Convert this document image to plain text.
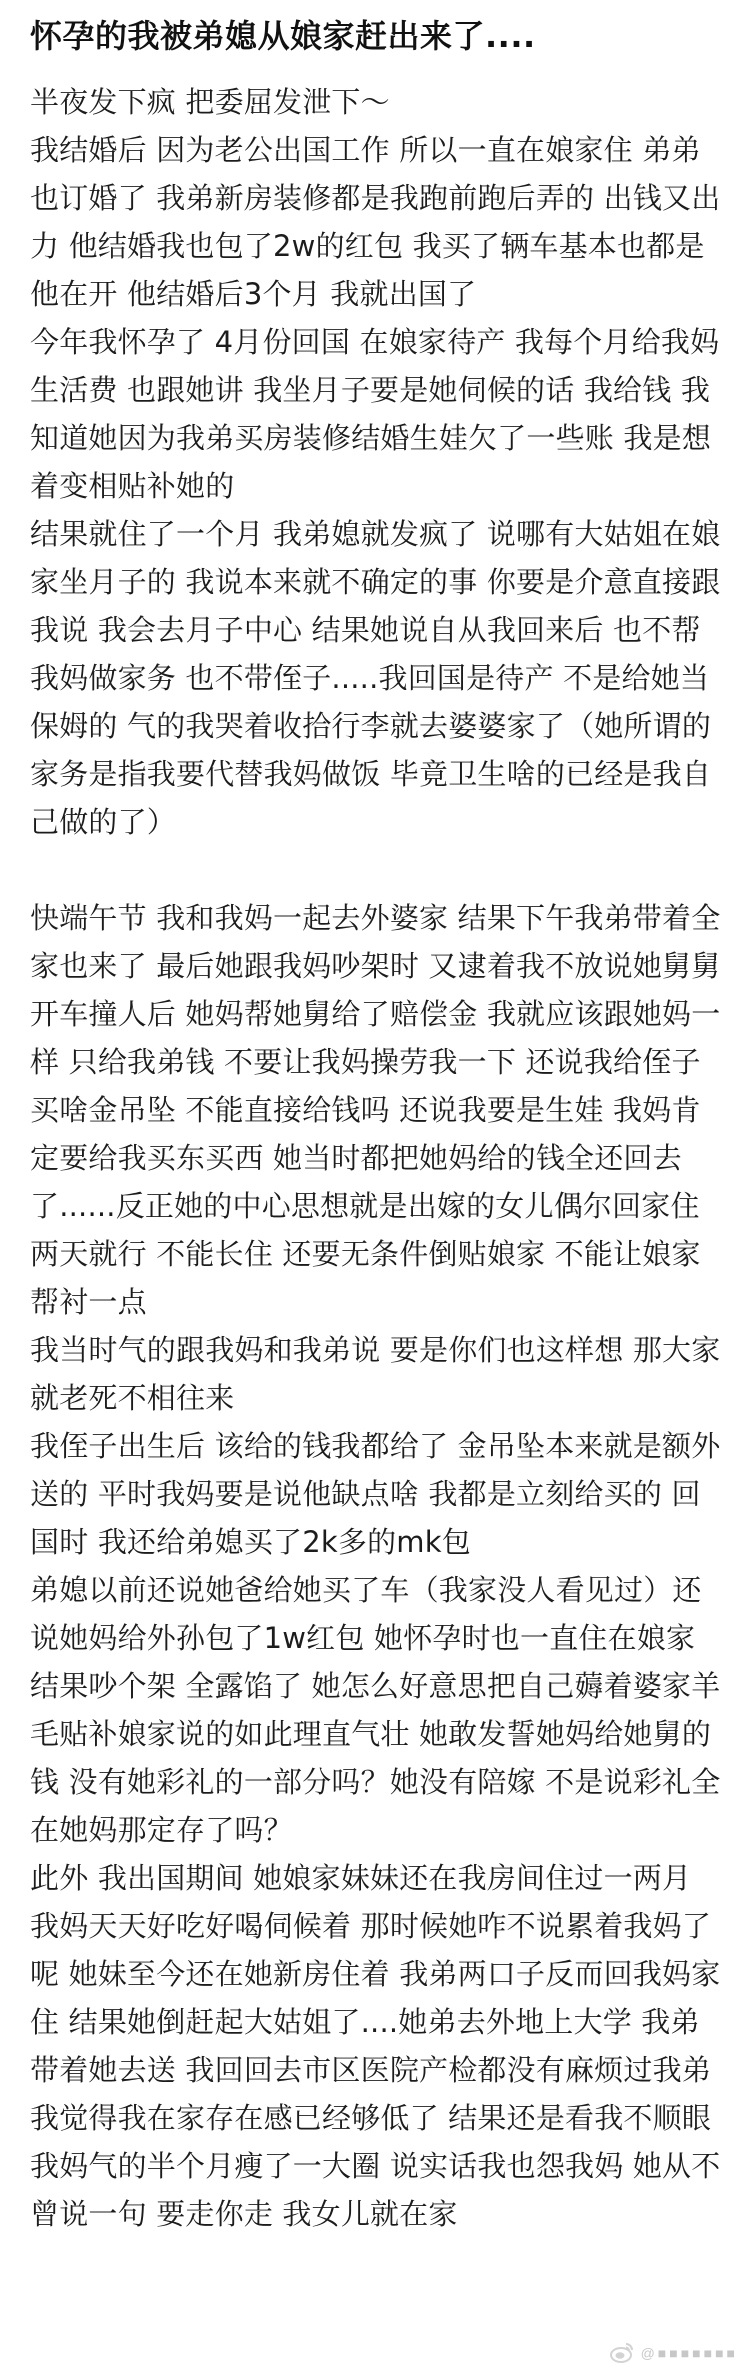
怀孕的我被弟媳从娘家赶出来了....

半夜发下疯 把委屈发泄下～

我结婚后 因为老公出国工作 所以一直在娘家住 弟弟也订婚了 我弟新房装修都是我跑前跑后弄的 出钱又出力 他结婚我也包了2w的红包 我买了辆车基本也都是他在开 他结婚后3个月 我就出国了

今年我怀孕了 4月份回国 在娘家待产 我每个月给我妈生活费 也跟她讲 我坐月子要是她伺候的话 我给钱 我知道她因为我弟买房装修结婚生娃欠了一些账 我是想着变相贴补她的

结果就住了一个月 我弟媳就发疯了 说哪有大姑姐在娘家坐月子的 我说本来就不确定的事 你要是介意直接跟我说 我会去月子中心 结果她说自从我回来后 也不帮我妈做家务 也不带侄子.....我回国是待产 不是给她当保姆的 气的我哭着收拾行李就去婆婆家了（她所谓的家务是指我要代替我妈做饭 毕竟卫生啥的已经是我自己做的了）

快端午节 我和我妈一起去外婆家 结果下午我弟带着全家也来了 最后她跟我妈吵架时 又逮着我不放说她舅舅开车撞人后 她妈帮她舅给了赔偿金 我就应该跟她妈一样 只给我弟钱 不要让我妈操劳我一下 还说我给侄子买啥金吊坠 不能直接给钱吗 还说我要是生娃 我妈肯定要给我买东买西 她当时都把她妈给的钱全还回去了......反正她的中心思想就是出嫁的女儿偶尔回家住两天就行 不能长住 还要无条件倒贴娘家 不能让娘家帮衬一点

我当时气的跟我妈和我弟说 要是你们也这样想 那大家就老死不相往来

我侄子出生后 该给的钱我都给了 金吊坠本来就是额外送的 平时我妈要是说他缺点啥 我都是立刻给买的 回国时 我还给弟媳买了2k多的mk包

弟媳以前还说她爸给她买了车（我家没人看见过）还说她妈给外孙包了1w红包 她怀孕时也一直住在娘家 结果吵个架 全露馅了 她怎么好意思把自己薅着婆家羊毛贴补娘家说的如此理直气壮 她敢发誓她妈给她舅的钱 没有她彩礼的一部分吗？她没有陪嫁 不是说彩礼全在她妈那定存了吗？

此外 我出国期间 她娘家妹妹还在我房间住过一两月 我妈天天好吃好喝伺候着 那时候她咋不说累着我妈了呢 她妹至今还在她新房住着 我弟两口子反而回我妈家住 结果她倒赶起大姑姐了....她弟去外地上大学 我弟带着她去送 我回回去市区医院产检都没有麻烦过我弟 我觉得我在家存在感已经够低了 结果还是看我不顺眼

我妈气的半个月瘦了一大圈 说实话我也怨我妈 她从不曾说一句 要走你走 我女儿就在家

@■■■■■■■
